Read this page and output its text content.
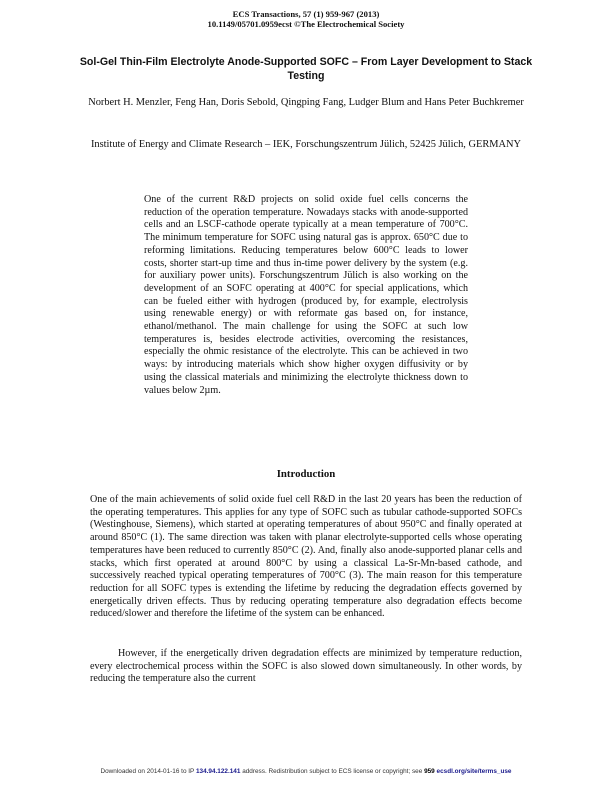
ECS Transactions, 57 (1) 959-967 (2013)
10.1149/05701.0959ecst ©The Electrochemical Society
Sol-Gel Thin-Film Electrolyte Anode-Supported SOFC – From Layer Development to Stack Testing
Norbert H. Menzler, Feng Han, Doris Sebold, Qingping Fang, Ludger Blum and Hans Peter Buchkremer
Institute of Energy and Climate Research – IEK, Forschungszentrum Jülich, 52425 Jülich, GERMANY

One of the current R&D projects on solid oxide fuel cells concerns the reduction of the operation temperature. Nowadays stacks with anode-supported cells and an LSCF-cathode operate typically at a mean temperature of 700°C. The minimum temperature for SOFC using natural gas is approx. 650°C due to reforming limitations. Reducing temperatures below 600°C leads to lower costs, shorter start-up time and thus in-time power delivery by the system (e.g. for auxiliary power units). Forschungszentrum Jülich is also working on the development of an SOFC operating at 400°C for special applications, which can be fueled either with hydrogen (produced by, for example, electrolysis using renewable energy) or with reformate gas based on, for instance, ethanol/methanol. The main challenge for using the SOFC at such low temperatures is, besides electrode activities, overcoming the resistances, especially the ohmic resistance of the electrolyte. This can be achieved in two ways: by introducing materials which show higher oxygen diffusivity or by using the classical materials and minimizing the electrolyte thickness down to values below 2µm.

Introduction

One of the main achievements of solid oxide fuel cell R&D in the last 20 years has been the reduction of the operating temperatures. This applies for any type of SOFC such as tubular cathode-supported SOFCs (Westinghouse, Siemens), which started at operating temperatures of about 950°C and finally operated at around 850°C (1). The same direction was taken with planar electrolyte-supported cells whose operating temperatures have been reduced to currently 850°C (2). And, finally also anode-supported planar cells and stacks, which first operated at around 800°C by using a classical La-Sr-Mn-based cathode, and successively reached typical operating temperatures of 700°C (3). The main reason for this temperature reduction for all SOFC types is extending the lifetime by reducing the degradation effects governed by energetically driven effects. Thus by reducing operating temperature also degradation effects become reduced/slower and therefore the lifetime of the system can be enhanced.

However, if the energetically driven degradation effects are minimized by temperature reduction, every electrochemical process within the SOFC is also slowed down simultaneously. In other words, by reducing the temperature also the current

Downloaded on 2014-01-16 to IP 134.94.122.141 address. Redistribution subject to ECS license or copyright; see 959 ecsdl.org/site/terms_use
